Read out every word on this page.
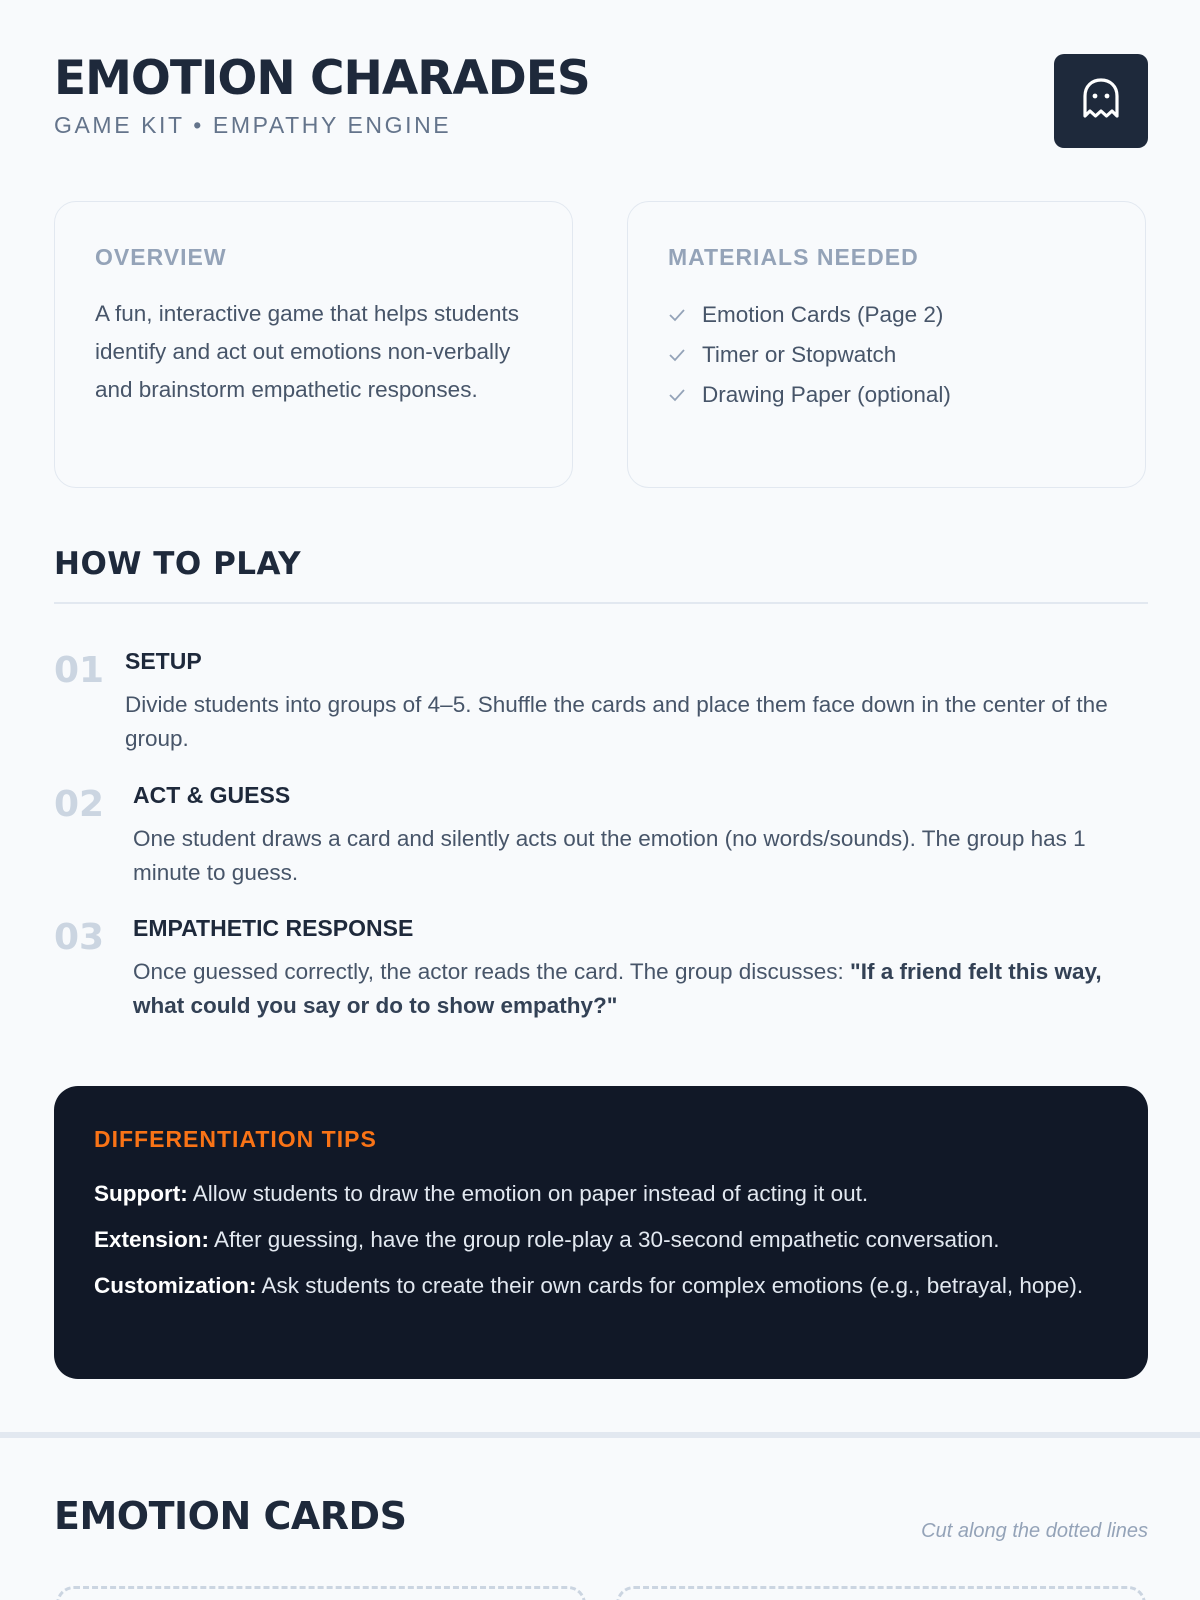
EMOTION CHARADES
GAME KIT • EMPATHY ENGINE
OVERVIEW
A fun, interactive game that helps students identify and act out emotions non-verbally and brainstorm empathetic responses.
MATERIALS NEEDED
Emotion Cards (Page 2)
Timer or Stopwatch
Drawing Paper (optional)
HOW TO PLAY
01 SETUP
Divide students into groups of 4–5. Shuffle the cards and place them face down in the center of the group.
02 ACT & GUESS
One student draws a card and silently acts out the emotion (no words/sounds). The group has 1 minute to guess.
03 EMPATHETIC RESPONSE
Once guessed correctly, the actor reads the card. The group discusses: "If a friend felt this way, what could you say or do to show empathy?"
DIFFERENTIATION TIPS
Support: Allow students to draw the emotion on paper instead of acting it out.
Extension: After guessing, have the group role-play a 30-second empathetic conversation.
Customization: Ask students to create their own cards for complex emotions (e.g., betrayal, hope).
EMOTION CARDS	Cut along the dotted lines
